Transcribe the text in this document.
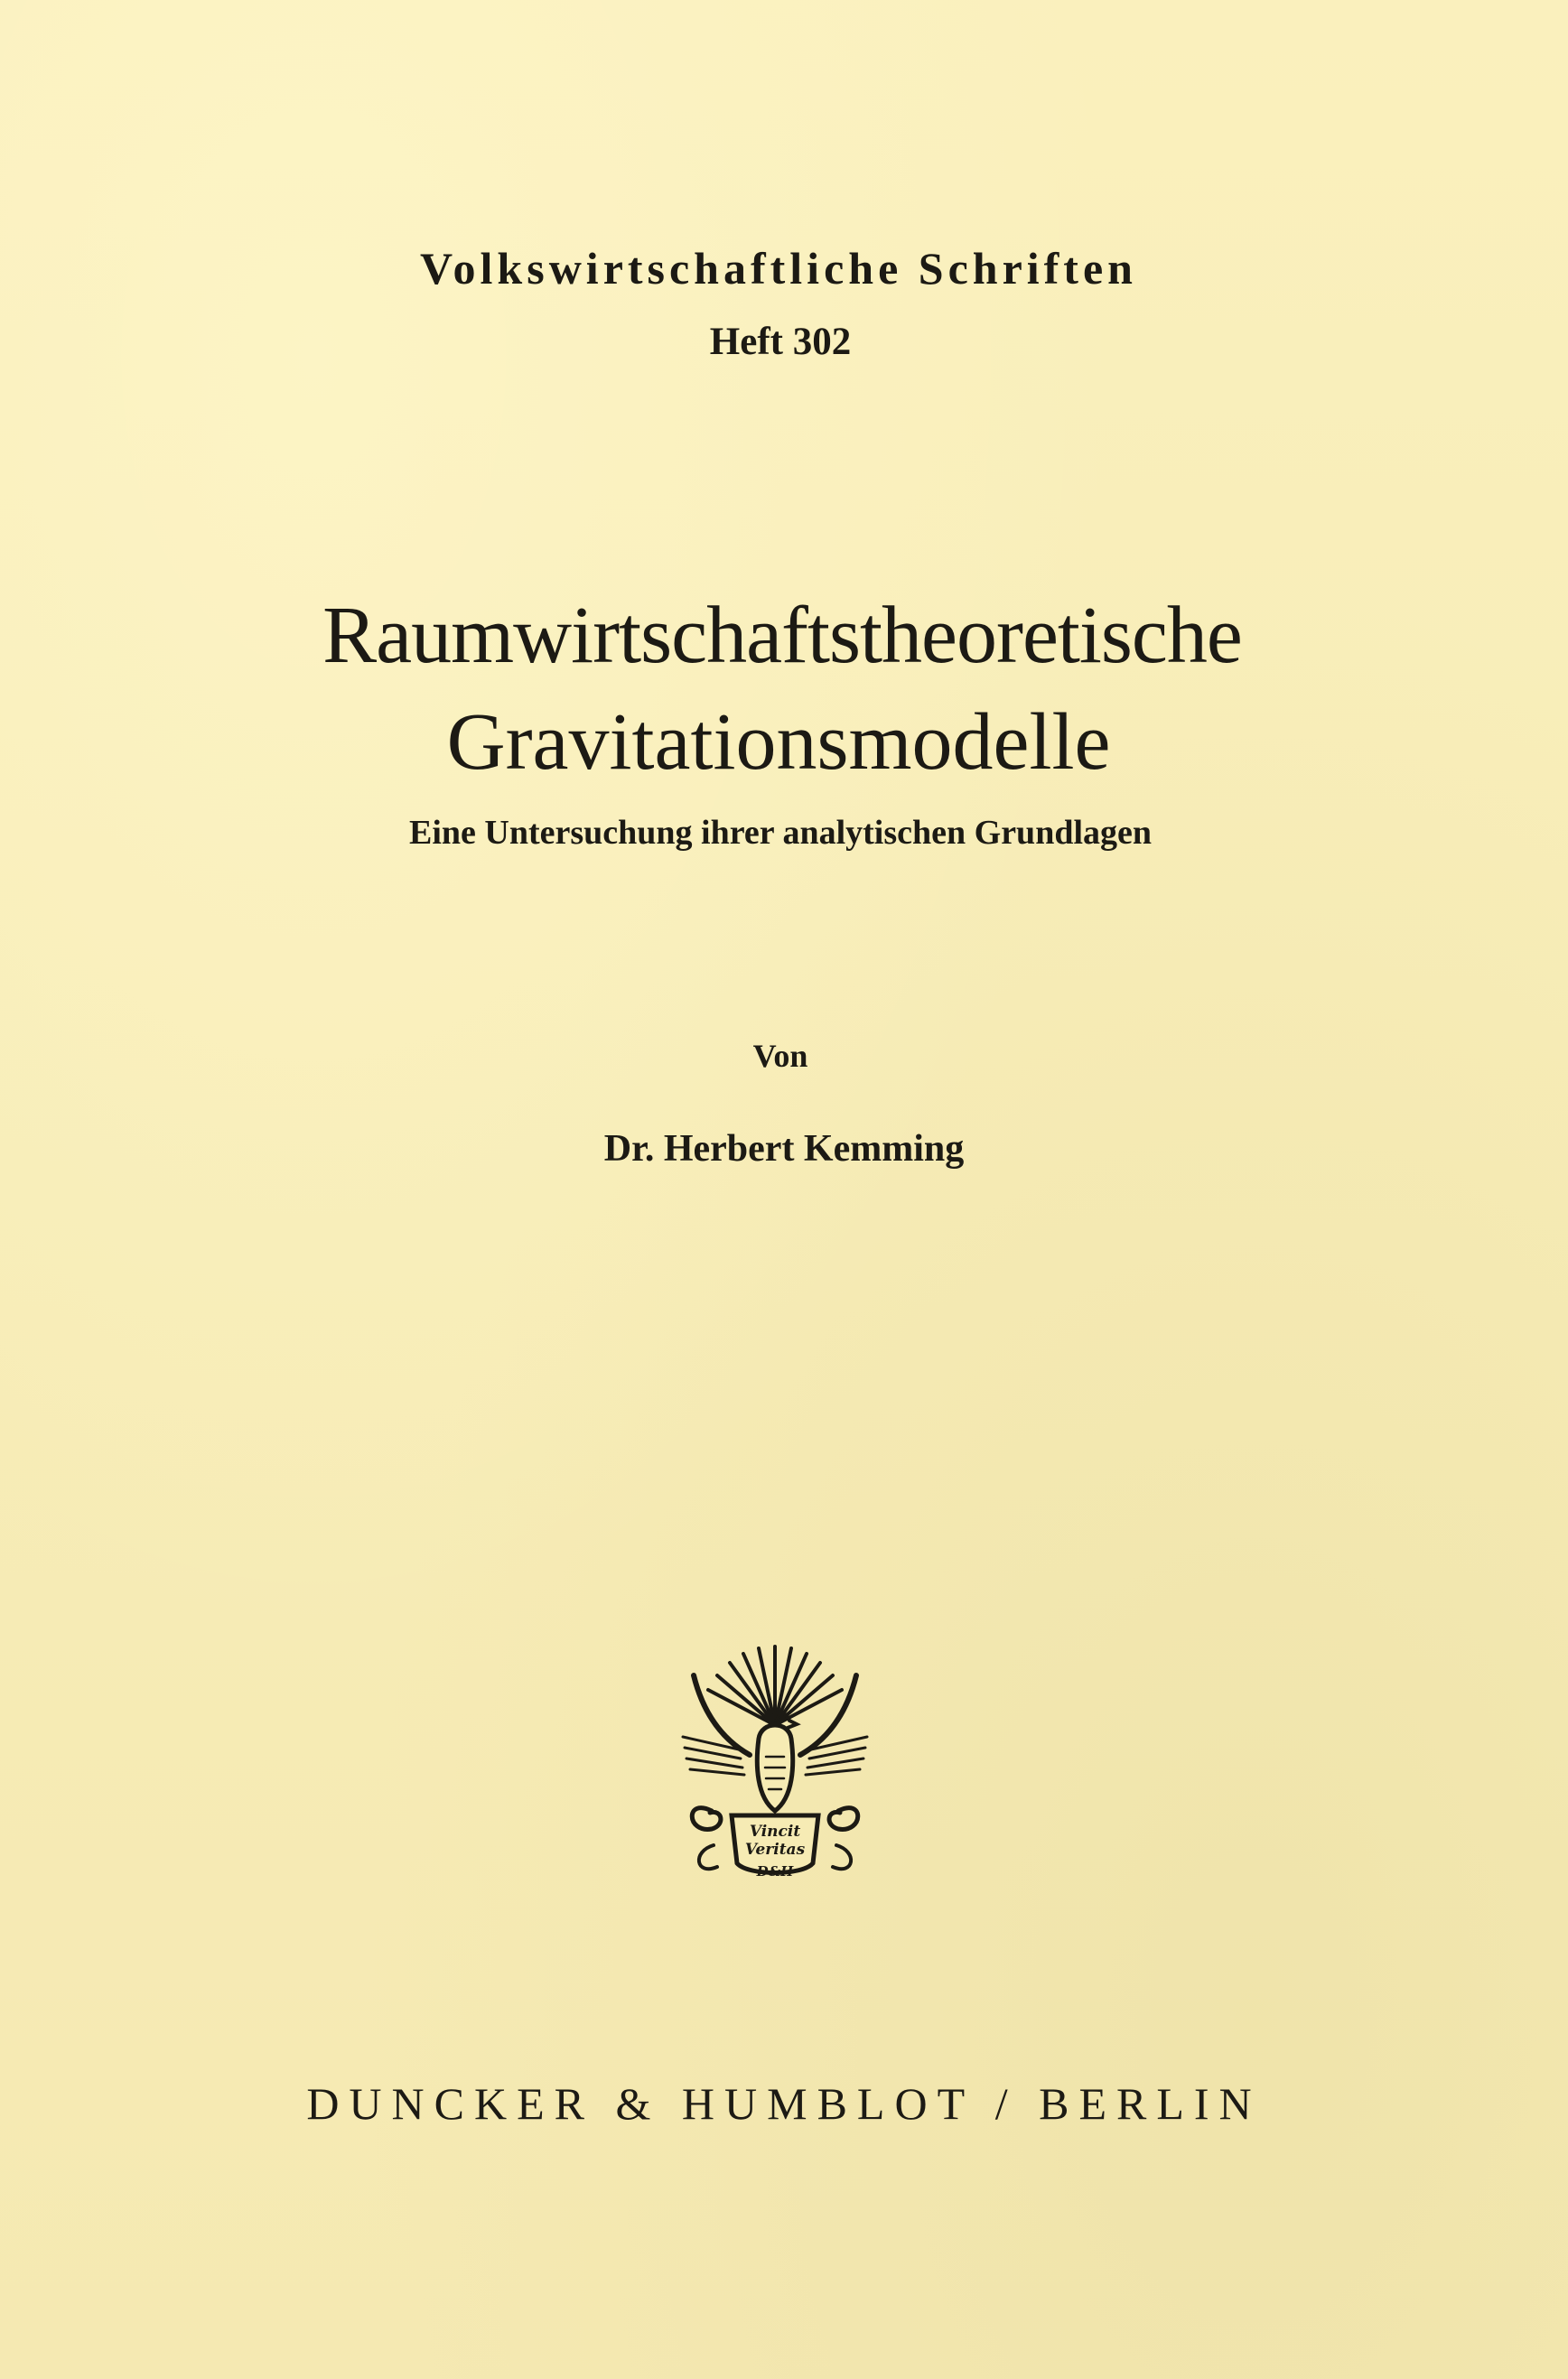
Volkswirtschaftliche Schriften
Heft 302
Raumwirtschaftstheoretische
Gravitationsmodelle
Eine Untersuchung ihrer analytischen Grundlagen
Von
Dr. Herbert Kemming
Vincit
Veritas
D&H
DUNCKER & HUMBLOT / BERLIN
